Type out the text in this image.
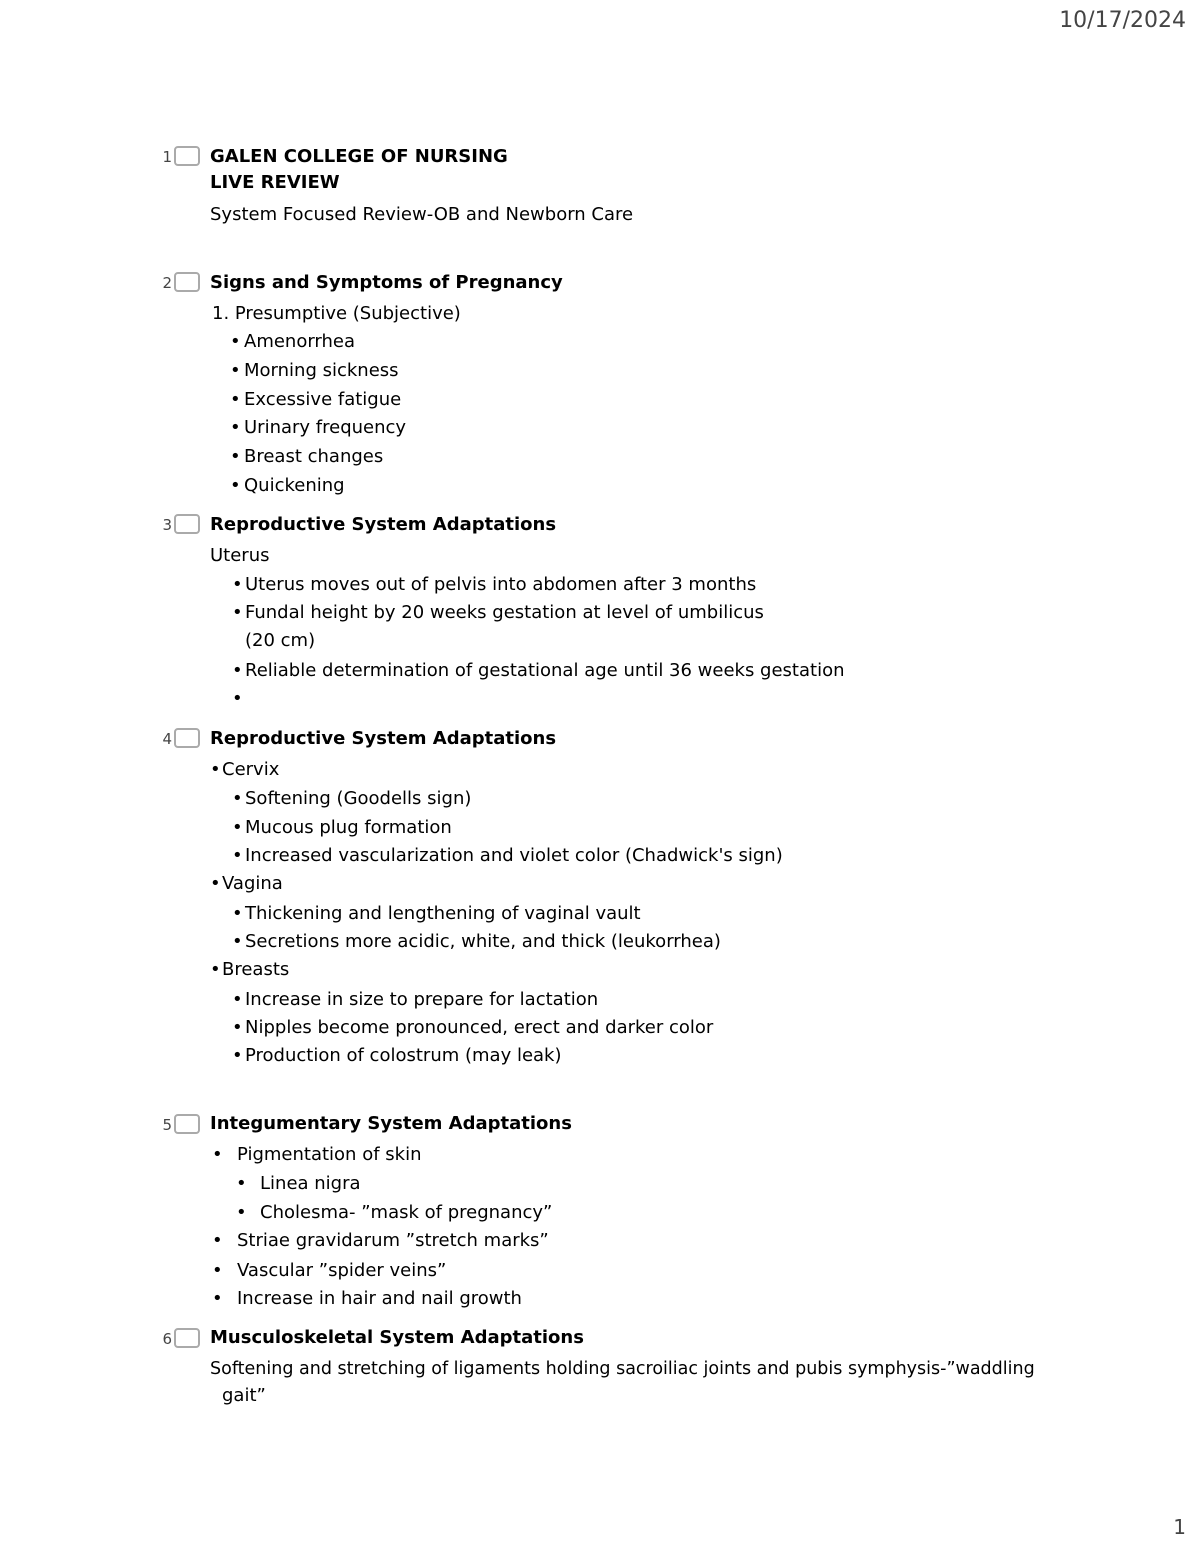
10/17/2024
1 GALEN COLLEGE OF NURSING
LIVE REVIEW
System Focused Review-OB and Newborn Care
2 Signs and Symptoms of Pregnancy
1. Presumptive (Subjective)
• Amenorrhea
• Morning sickness
• Excessive fatigue
• Urinary frequency
• Breast changes
• Quickening
3 Reproductive System Adaptations
Uterus
• Uterus moves out of pelvis into abdomen after 3 months
• Fundal height by 20 weeks gestation at level of umbilicus
(20 cm)
• Reliable determination of gestational age until 36 weeks gestation
•
4 Reproductive System Adaptations
•Cervix
• Softening (Goodells sign)
• Mucous plug formation
• Increased vascularization and violet color (Chadwick's sign)
•Vagina
• Thickening and lengthening of vaginal vault
• Secretions more acidic, white, and thick (leukorrhea)
•Breasts
• Increase in size to prepare for lactation
• Nipples become pronounced, erect and darker color
• Production of colostrum (may leak)
5 Integumentary System Adaptations
• Pigmentation of skin
• Linea nigra
• Cholesma- ”mask of pregnancy”
• Striae gravidarum ”stretch marks”
• Vascular ”spider veins”
• Increase in hair and nail growth
6 Musculoskeletal System Adaptations
Softening and stretching of ligaments holding sacroiliac joints and pubis symphysis-”waddling
gait”
1
